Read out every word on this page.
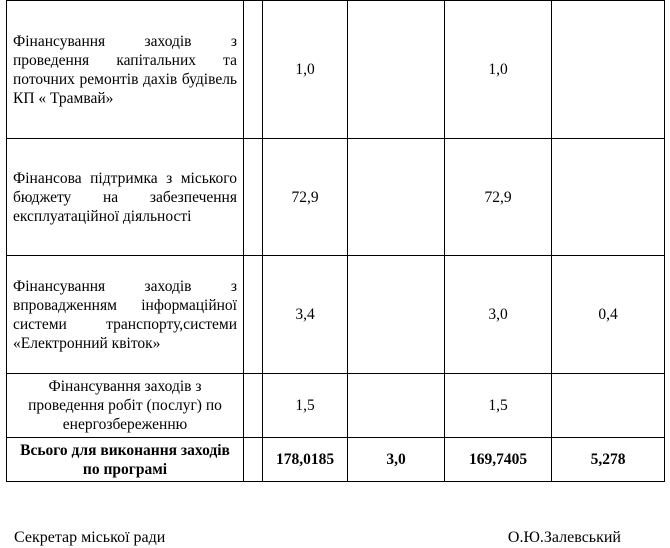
Фінансування заходів з проведення капітальних та поточних ремонтів дахів будівель КП « Трамвай»		1,0		1,0	
Фінансова підтримка з міського бюджету на забезпечення експлуатаційної діяльності		72,9		72,9	
Фінансування заходів з впровадженням інформаційної системи транспорту,системи «Електронний квіток»		3,4		3,0	0,4
Фінансування заходів з проведення робіт (послуг) по енергозбереженню		1,5		1,5	
Всього для виконання заходів по програмі		178,0185	3,0	169,7405	5,278
Секретар міської ради	О.Ю.Залевський
